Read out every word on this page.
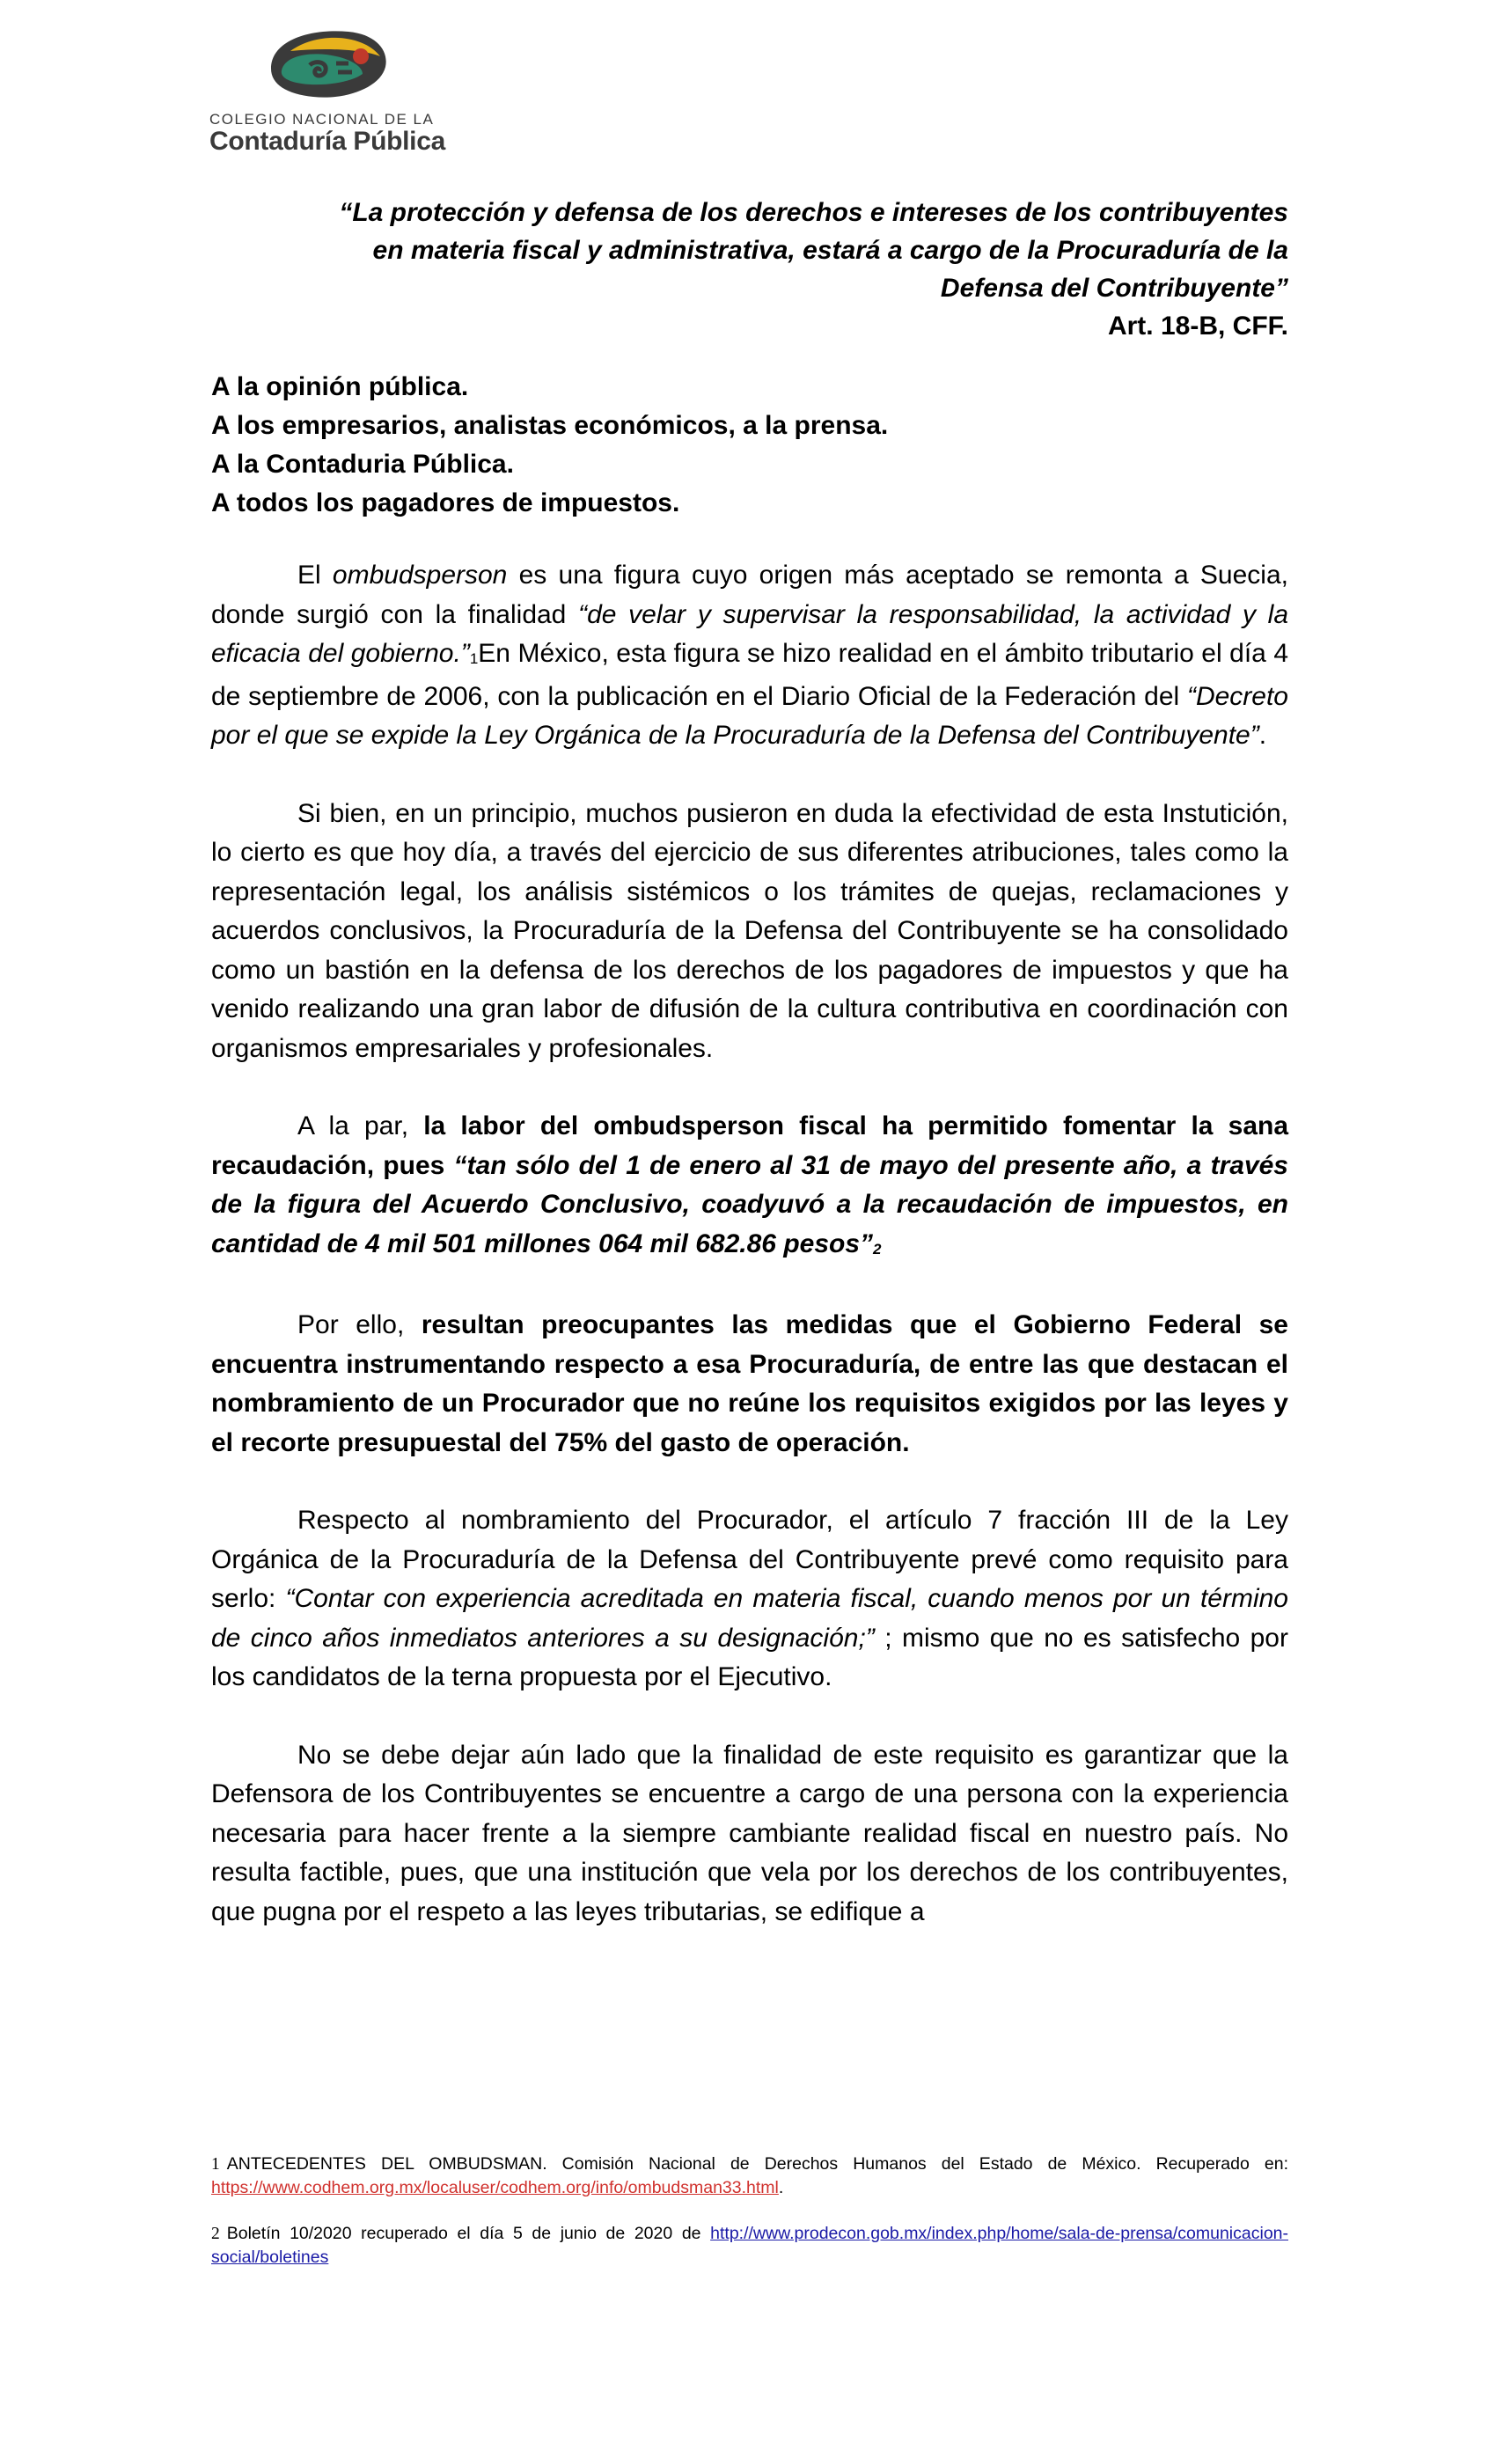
COLEGIO NACIONAL DE LA
Contaduría Pública
“La protección y defensa de los derechos e intereses de los contribuyentes
en materia fiscal y administrativa, estará a cargo de la Procuraduría de la
Defensa del Contribuyente”
Art. 18-B, CFF.
A la opinión pública.
A los empresarios, analistas económicos, a la prensa.
A la Contaduria Pública.
A todos los pagadores de impuestos.

El ombudsperson es una figura cuyo origen más aceptado se remonta a Suecia, donde surgió con la finalidad “de velar y supervisar la responsabilidad, la actividad y la eficacia del gobierno.”$^1$En México, esta figura se hizo realidad en el ámbito tributario el día 4 de septiembre de 2006, con la publicación en el Diario Oficial de la Federación del “Decreto por el que se expide la Ley Orgánica de la Procuraduría de la Defensa del Contribuyente”.

Si bien, en un principio, muchos pusieron en duda la efectividad de esta Instutición, lo cierto es que hoy día, a través del ejercicio de sus diferentes atribuciones, tales como la representación legal, los análisis sistémicos o los trámites de quejas, reclamaciones y acuerdos conclusivos, la Procuraduría de la Defensa del Contribuyente se ha consolidado como un bastión en la defensa de los derechos de los pagadores de impuestos y que ha venido realizando una gran labor de difusión de la cultura contributiva en coordinación con organismos empresariales y profesionales.

A la par, la labor del ombudsperson fiscal ha permitido fomentar la sana recaudación, pues “tan sólo del 1 de enero al 31 de mayo del presente año, a través de la figura del Acuerdo Conclusivo, coadyuvó a la recaudación de impuestos, en cantidad de 4 mil 501 millones 064 mil 682.86 pesos”$^2$

Por ello, resultan preocupantes las medidas que el Gobierno Federal se encuentra instrumentando respecto a esa Procuraduría, de entre las que destacan el nombramiento de un Procurador que no reúne los requisitos exigidos por las leyes y el recorte presupuestal del 75% del gasto de operación.

Respecto al nombramiento del Procurador, el artículo 7 fracción III de la Ley Orgánica de la Procuraduría de la Defensa del Contribuyente prevé como requisito para serlo: “Contar con experiencia acreditada en materia fiscal, cuando menos por un término de cinco años inmediatos anteriores a su designación;” ; mismo que no es satisfecho por los candidatos de la terna propuesta por el Ejecutivo.

No se debe dejar aún lado que la finalidad de este requisito es garantizar que la Defensora de los Contribuyentes se encuentre a cargo de una persona con la experiencia necesaria para hacer frente a la siempre cambiante realidad fiscal en nuestro país. No resulta factible, pues, que una institución que vela por los derechos de los contribuyentes, que pugna por el respeto a las leyes tributarias, se edifique a

1 ANTECEDENTES DEL OMBUDSMAN. Comisión Nacional de Derechos Humanos del Estado de México. Recuperado en: https://www.codhem.org.mx/localuser/codhem.org/info/ombudsman33.html.

2 Boletín 10/2020 recuperado el día 5 de junio de 2020 de http://www.prodecon.gob.mx/index.php/home/sala-de-prensa/comunicacion-social/boletines
